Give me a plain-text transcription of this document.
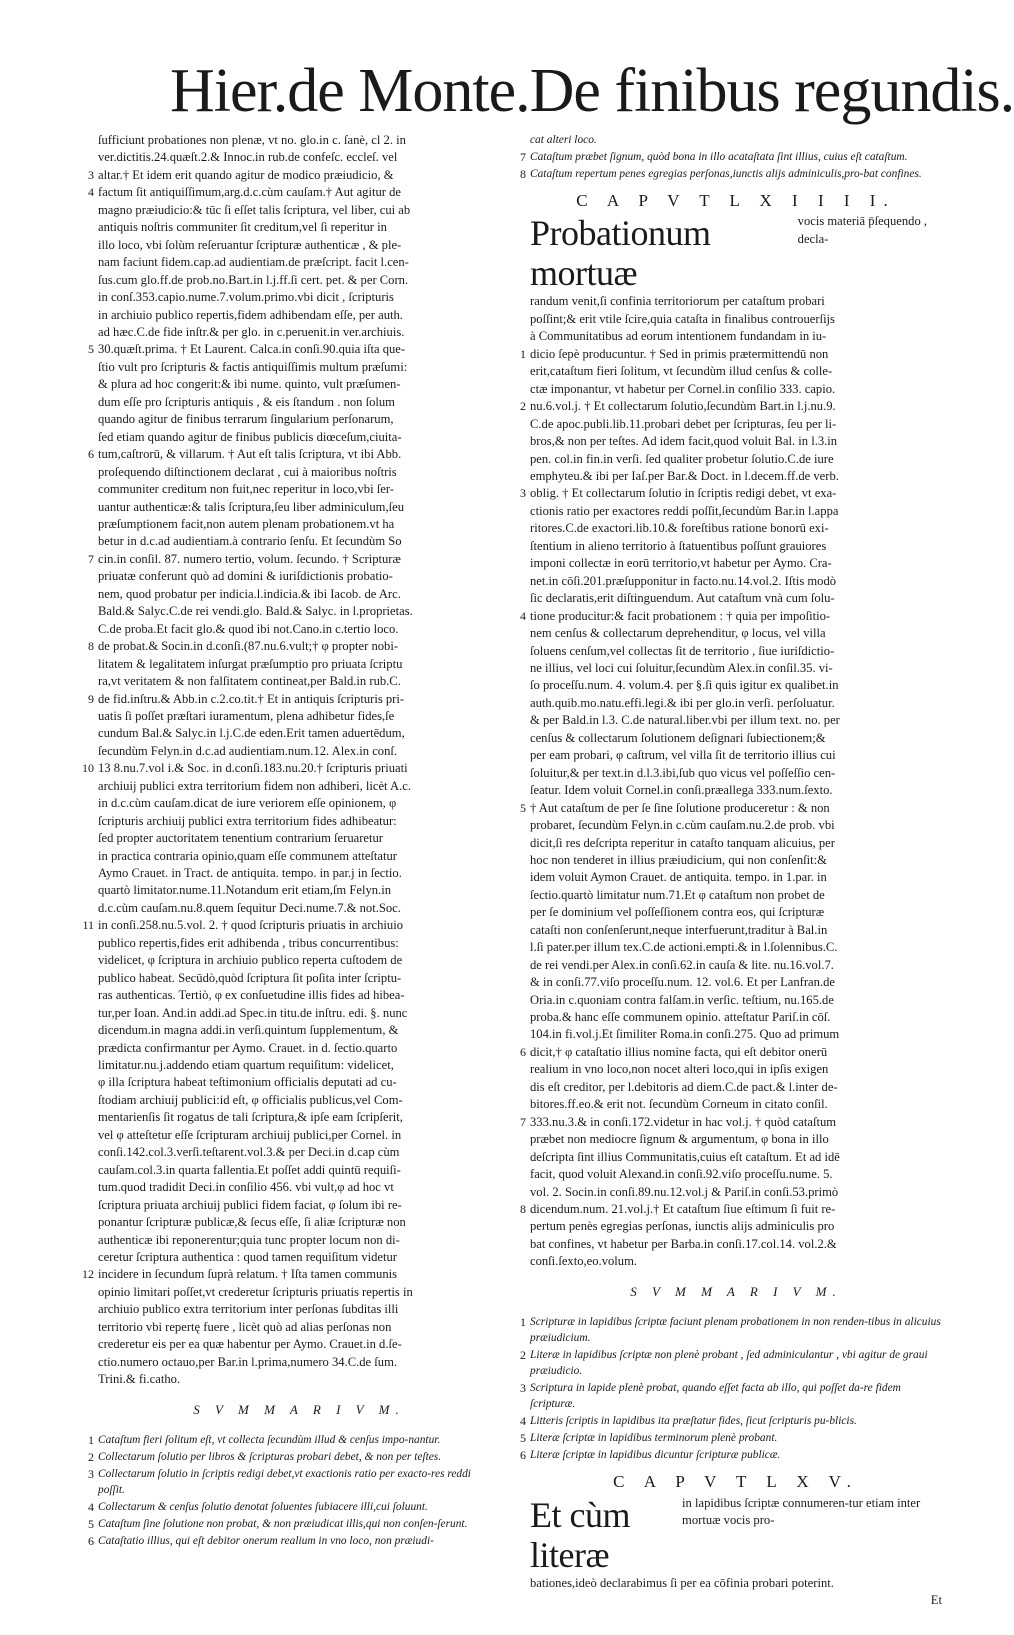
Hier.de Monte.De finibus regundis.
ſufficiunt probationes non plenæ, vt no. glo.in c. ſanè, cl 2. in
ver.dictitis.24.quæſt.2.& Innoc.in rub.de confeſc. eccleſ. vel
3 altar.† Et idem erit quando agitur de modico præiudicio, &
4 factum ſit antiquiſſimum,arg.d.c.cùm cauſam.† Aut agitur de
magno præiudicio:& tūc ſi eſſet talis ſcriptura, vel liber, cui ab
antiquis noſtris communiter ſit creditum,vel ſi reperitur in
illo loco, vbi ſolùm reſeruantur ſcripturæ authenticæ , & ple-
nam faciunt fidem.cap.ad audientiam.de præſcript. facit l.cen-
ſus.cum glo.ff.de prob.no.Bart.in l.j.ff.ſi cert. pet. & per Corn.
in conſ.353.capio.nume.7.volum.primo.vbi dicit , ſcripturis
in archiuio publico repertis,fidem adhibendam eſſe, per auth.
ad hæc.C.de fide inſtr.& per glo. in c.peruenit.in ver.archiuis.
5 30.quæſt.prima. † Et Laurent. Calca.in conſi.90.quia iſta que-
ſtio vult pro ſcripturis & factis antiquiſſimis multum præſumi:
& plura ad hoc congerit:& ibi nume. quinto, vult præſumen-
dum eſſe pro ſcripturis antiquis , & eis ſtandum . non ſolum
quando agitur de finibus terrarum ſingularium perſonarum,
ſed etiam quando agitur de finibus publicis diœceſum,ciuita-
6 tum,caſtrorū, & villarum. † Aut eſt talis ſcriptura, vt ibi Abb.
proſequendo diſtinctionem declarat , cui à maioribus noſtris
communiter creditum non fuit,nec reperitur in loco,vbi ſer-
uantur authenticæ:& talis ſcriptura,ſeu liber adminiculum,ſeu
præſumptionem facit,non autem plenam probationem.vt ha
betur in d.c.ad audientiam.à contrario ſenſu. Et ſecundùm So
7 cin.in conſil. 87. numero tertio, volum. ſecundo. † Scripturæ
priuatæ conferunt quò ad domini & iuriſdictionis probatio-
nem, quod probatur per indicia.l.indicia.& ibi Iacob. de Arc.
Bald.& Salyc.C.de rei vendi.glo. Bald.& Salyc. in l.proprietas.
C.de proba.Et facit glo.& quod ibi not.Cano.in c.tertio loco.
8 de probat.& Socin.in d.conſi.(87.nu.6.vult;† φ propter nobi-
litatem & legalitatem inſurgat præſumptio pro priuata ſcriptu
ra,vt veritatem & non falſitatem contineat,per Bald.in rub.C.
9 de fid.inſtru.& Abb.in c.2.co.tit.† Et in antiquis ſcripturis pri-
uatis ſi poſſet præſtari iuramentum, plena adhibetur fides,ſe
cundum Bal.& Salyc.in l.j.C.de eden.Erit tamen aduertēdum,
ſecundùm Felyn.in d.c.ad audientiam.num.12. Alex.in conſ.
10 13 8.nu.7.vol i.& Soc. in d.conſi.183.nu.20.† ſcripturis priuati
archiuij publici extra territorium fidem non adhiberi, licèt A.c.
in d.c.cùm cauſam.dicat de iure veriorem eſſe opinionem, φ
ſcripturis archiuij publici extra territorium fides adhibeatur:
ſed propter auctoritatem tenentium contrarium ſeruaretur
in practica contraria opinio,quam eſſe communem atteſtatur
Aymo Crauet. in Tract. de antiquita. tempo. in par.j in ſectio.
quartò limitator.nume.11.Notandum erit etiam,ſm Felyn.in
d.c.cùm cauſam.nu.8.quem ſequitur Deci.nume.7.& not.Soc.
11 in conſi.258.nu.5.vol. 2. † quod ſcripturis priuatis in archiuio
publico repertis,fides erit adhibenda , tribus concurrentibus:
videlicet, φ ſcriptura in archiuio publico reperta cuſtodem de
publico habeat. Secūdò,quòd ſcriptura ſit poſita inter ſcriptu-
ras authenticas. Tertiò, φ ex conſuetudine illis fides ad hibea-
tur,per Ioan. And.in addi.ad Spec.in titu.de inſtru. edi. §. nunc
dicendum.in magna addi.in verſi.quintum ſupplementum, &
prædicta confirmantur per Aymo. Crauet. in d. ſectio.quarto
limitatur.nu.j.addendo etiam quartum requiſitum: videlicet,
φ illa ſcriptura habeat teſtimonium officialis deputati ad cu-
ſtodiam archiuij publici:id eſt, φ officialis publicus,vel Com-
mentarienſis ſit rogatus de tali ſcriptura,& ipſe eam ſcripſerit,
vel φ atteſtetur eſſe ſcripturam archiuij publici,per Cornel. in
conſi.142.col.3.verſi.teſtarent.vol.3.& per Deci.in d.cap cùm
cauſam.col.3.in quarta fallentia.Et poſſet addi quintū requiſi-
tum.quod tradidit Deci.in conſilio 456. vbi vult,φ ad hoc vt
ſcriptura priuata archiuij publici fidem faciat, φ ſolum ibi re-
ponantur ſcripturæ publicæ,& ſecus eſſe, ſi aliæ ſcripturæ non
authenticæ ibi reponerentur;quia tunc propter locum non di-
ceretur ſcriptura authentica : quod tamen requiſitum videtur
12 incidere in ſecundum ſuprà relatum. † Iſta tamen communis
opinio limitari poſſet,vt crederetur ſcripturis priuatis repertis in
archiuio publico extra territorium inter perſonas ſubditas illi
territorio vbi repertę fuere , licèt quò ad alias perſonas non
crederetur eis per ea quæ habentur per Aymo. Crauet.in d.ſe-
ctio.numero octauo,per Bar.in l.prima,numero 34.C.de ſum.
Trini.& fi.catho.
S V M M A R I V M.
1 Cataſtum fieri ſolitum eſt, vt collecta ſecundùm illud & cenſus impo-nantur.
2 Collectarum ſolutio per libros & ſcripturas probari debet, & non per teſtes.
3 Collectarum ſolutio in ſcriptis redigi debet,vt exactionis ratio per exacto-res reddi poſſit.
4 Collectarum & cenſus ſolutio denotat ſoluentes ſubiacere illi,cui ſoluunt.
5 Cataſtum ſine ſolutione non probat, & non præiudicat illis,qui non conſen-ſerunt.
6 Cataſtatio illius, qui eſt debitor onerum realium in vno loco, non præiudi-
cat alteri loco.
7 Cataſtum præbet ſignum, quòd bona in illo acataſtata ſint illius, cuius eſt cataſtum.
8 Cataſtum repertum penes egregias perſonas,iunctis alijs adminiculis,pro-bat confines.
C A P V T L X I I I I.
Probationum mortuæ
vocis materiā p̄ſequendo , decla-
randum venit,ſi confinia territoriorum per cataſtum probari
poſſint;& erit vtile ſcire,quia cataſta in finalibus controuerſijs
à Communitatibus ad eorum intentionem fundandam in iu-
1 dicio ſepè producuntur. † Sed in primis prætermittendū non
erit,cataſtum fieri ſolitum, vt ſecundùm illud cenſus & colle-
ctæ imponantur, vt habetur per Cornel.in conſilio 333. capio.
2 nu.6.vol.j. † Et collectarum ſolutio,ſecundùm Bart.in l.j.nu.9.
C.de apoc.publi.lib.11.probari debet per ſcripturas, ſeu per li-
bros,& non per teſtes. Ad idem facit,quod voluit Bal. in l.3.in
pen. col.in fin.in verſi. ſed qualiter probetur ſolutio.C.de iure
emphyteu.& ibi per Iaſ.per Bar.& Doct. in l.decem.ff.de verb.
3 oblig. † Et collectarum ſolutio in ſcriptis redigi debet, vt exa-
ctionis ratio per exactores reddi poſſit,ſecundùm Bar.in l.appa
ritores.C.de exactori.lib.10.& foreſtibus ratione bonorū exi-
ſtentium in alieno territorio à ſtatuentibus poſſunt grauiores
imponi collectæ in eorū territorio,vt habetur per Aymo. Cra-
net.in cōſi.201.præſupponitur in facto.nu.14.vol.2. Iſtis modò
ſic declaratis,erit diſtinguendum. Aut cataſtum vnà cum ſolu-
4 tione producitur:& facit probationem : † quia per impoſitio-
nem cenſus & collectarum deprehenditur, φ locus, vel villa
ſoluens cenſum,vel collectas ſit de territorio , ſiue iuriſdictio-
ne illius, vel loci cui ſoluitur,ſecundùm Alex.in conſil.35. vi-
ſo proceſſu.num. 4. volum.4. per §.ſi quis igitur ex qualibet.in
auth.quib.mo.natu.effi.legi.& ibi per glo.in verſi. perſoluatur.
& per Bald.in l.3. C.de natural.liber.vbi per illum text. no. per
cenſus & collectarum ſolutionem deſignari ſubiectionem;&
per eam probari, φ caſtrum, vel villa ſit de territorio illius cui
ſoluitur,& per text.in d.l.3.ibi,ſub quo vicus vel poſſeſſio cen-
ſeatur. Idem voluit Cornel.in conſi.præallega 333.num.ſexto.
5 † Aut cataſtum de per ſe ſine ſolutione produceretur : & non
probaret, ſecundùm Felyn.in c.cùm cauſam.nu.2.de prob. vbi
dicit,ſi res deſcripta reperitur in cataſto tanquam alicuius, per
hoc non tenderet in illius præiudicium, qui non conſenſit:&
idem voluit Aymon Crauet. de antiquita. tempo. in 1.par. in
ſectio.quartò limitatur num.71.Et φ cataſtum non probet de
per ſe dominium vel poſſeſſionem contra eos, qui ſcripturæ
cataſti non conſenſerunt,neque interfuerunt,traditur à Bal.in
l.ſi pater.per illum tex.C.de actioni.empti.& in l.ſolennibus.C.
de rei vendi.per Alex.in conſi.62.in cauſa & lite. nu.16.vol.7.
& in conſi.77.viſo proceſſu.num. 12. vol.6. Et per Lanfran.de
Oria.in c.quoniam contra falſam.in verſic. teſtium, nu.165.de
proba.& hanc eſſe communem opinio. atteſtatur Pariſ.in cōſ.
104.in fi.vol.j.Et ſimiliter Roma.in conſi.275. Quo ad primum
6 dicit,† φ cataſtatio illius nomine facta, qui eſt debitor onerū
realium in vno loco,non nocet alteri loco,qui in ipſis exigen
dis eſt creditor, per l.debitoris ad diem.C.de pact.& l.inter de-
bitores.ff.eo.& erit not. ſecundùm Corneum in citato conſil.
7 333.nu.3.& in conſi.172.videtur in hac vol.j. † quòd cataſtum
præbet non mediocre ſignum & argumentum, φ bona in illo
deſcripta ſint illius Communitatis,cuius eſt cataſtum. Et ad idē
facit, quod voluit Alexand.in conſi.92.viſo proceſſu.nume. 5.
vol. 2. Socin.in conſi.89.nu.12.vol.j & Pariſ.in conſi.53.primò
8 dicendum.num. 21.vol.j.† Et cataſtum ſiue eſtimum ſi fuit re-
pertum penès egregias perſonas, iunctis alijs adminiculis pro
bat confines, vt habetur per Barba.in conſi.17.col.14. vol.2.&
conſi.ſexto,eo.volum.
S V M M A R I V M.
1 Scripturæ in lapidibus ſcriptæ faciunt plenam probationem in non renden-tibus in alicuius præiudicium.
2 Literæ in lapidibus ſcriptæ non plenè probant , ſed adminiculantur , vbi agitur de graui præiudicio.
3 Scriptura in lapide plenè probat, quando eſſet facta ab illo, qui poſſet da-re fidem ſcripturæ.
4 Litteris ſcriptis in lapidibus ita præſtatur fides, ſicut ſcripturis pu-blicis.
5 Literæ ſcriptæ in lapidibus terminorum plenè probant.
6 Literæ ſcriptæ in lapidibus dicuntur ſcripturæ publicæ.
C A P V T L X V.
Et cùm literæ
in lapidibus ſcriptæ connumeren-tur etiam inter mortuæ vocis pro-
bationes,ideò declarabimus ſi per ea cōfinia probari poterint.
Et
